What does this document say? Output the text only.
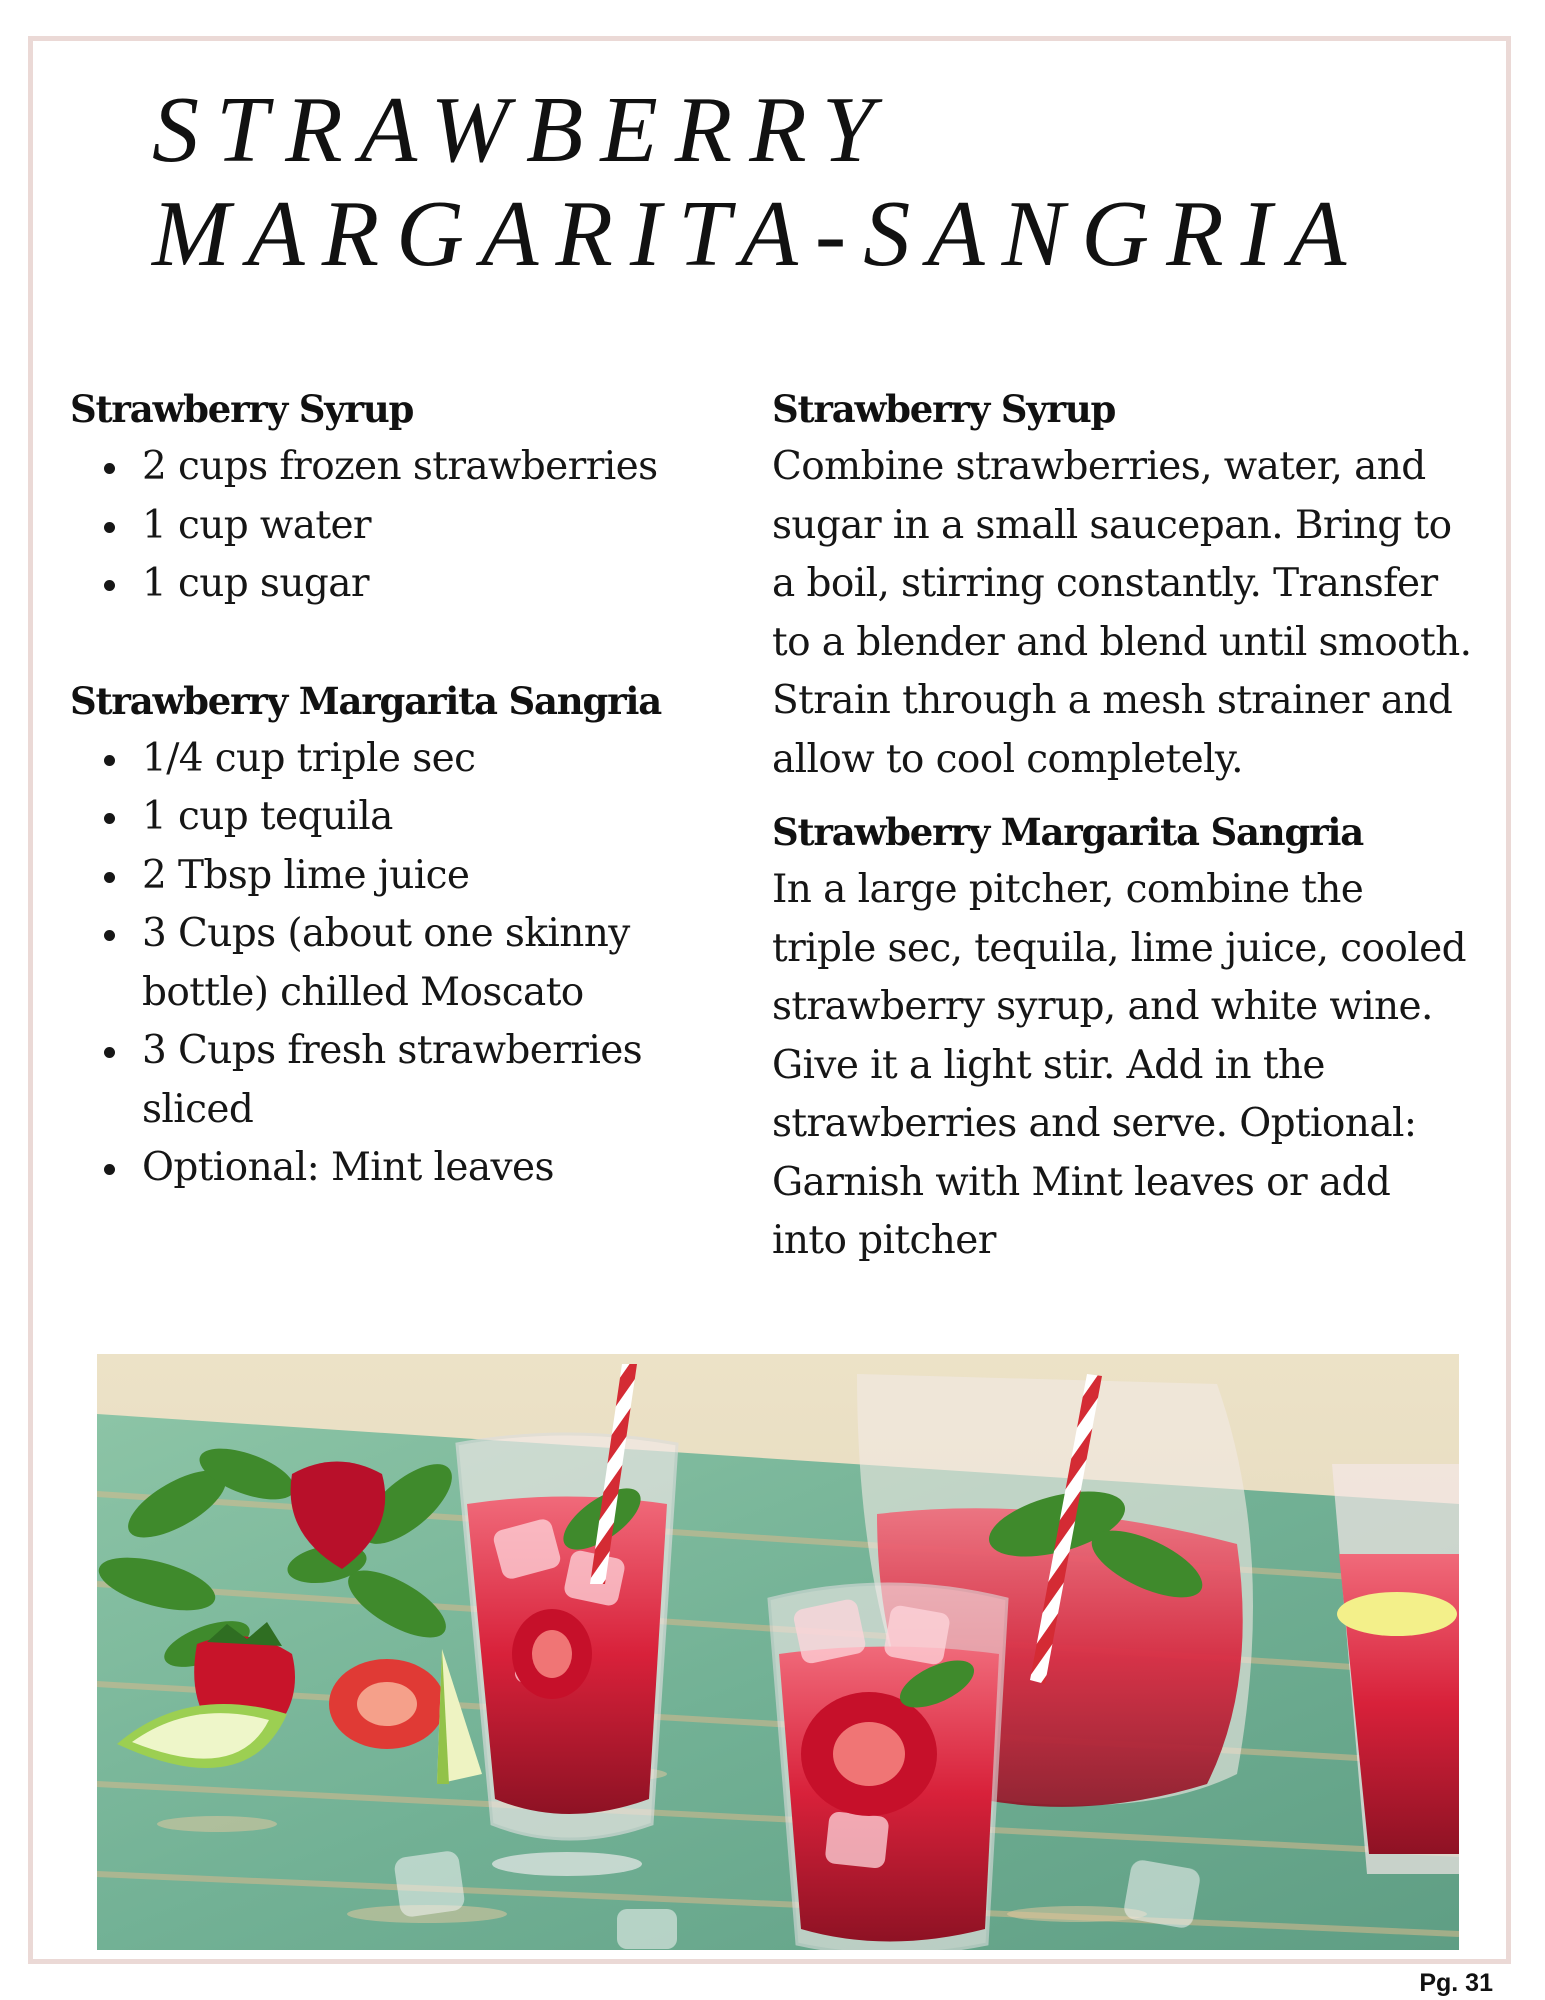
STRAWBERRY
MARGARITA-SANGRIA
Strawberry Syrup
2 cups frozen strawberries
1 cup water
1 cup sugar
Strawberry Margarita Sangria
1/4 cup triple sec
1 cup tequila
2 Tbsp lime juice
3 Cups (about one skinny bottle) chilled Moscato
3 Cups fresh strawberries sliced
Optional: Mint leaves
Strawberry Syrup

Combine strawberries, water, and sugar in a small saucepan. Bring to a boil, stirring constantly. Transfer to a blender and blend until smooth. Strain through a mesh strainer and allow to cool completely.

Strawberry Margarita Sangria

In a large pitcher, combine the triple sec, tequila, lime juice, cooled strawberry syrup, and white wine. Give it a light stir. Add in the strawberries and serve. Optional: Garnish with Mint leaves or add into pitcher

Pg. 31
